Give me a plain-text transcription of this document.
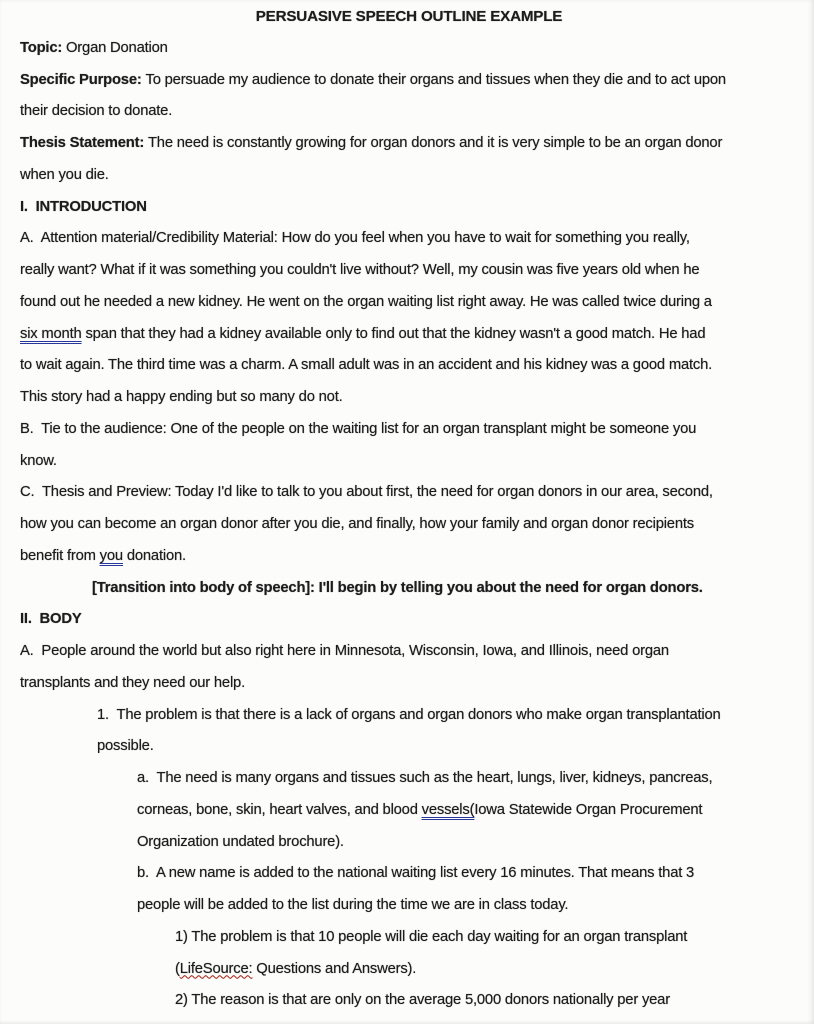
PERSUASIVE SPEECH OUTLINE EXAMPLE
Topic: Organ Donation
Specific Purpose: To persuade my audience to donate their organs and tissues when they die and to act upon
their decision to donate.
Thesis Statement: The need is constantly growing for organ donors and it is very simple to be an organ donor
when you die.
I.  INTRODUCTION
A.  Attention material/Credibility Material: How do you feel when you have to wait for something you really,
really want? What if it was something you couldn't live without? Well, my cousin was five years old when he
found out he needed a new kidney. He went on the organ waiting list right away. He was called twice during a
six month span that they had a kidney available only to find out that the kidney wasn't a good match. He had
to wait again. The third time was a charm. A small adult was in an accident and his kidney was a good match.
This story had a happy ending but so many do not.
B.  Tie to the audience: One of the people on the waiting list for an organ transplant might be someone you
know.
C.  Thesis and Preview: Today I'd like to talk to you about first, the need for organ donors in our area, second,
how you can become an organ donor after you die, and finally, how your family and organ donor recipients
benefit from you donation.
[Transition into body of speech]: I'll begin by telling you about the need for organ donors.
II.  BODY
A.  People around the world but also right here in Minnesota, Wisconsin, Iowa, and Illinois, need organ
transplants and they need our help.
1.  The problem is that there is a lack of organs and organ donors who make organ transplantation
possible.
a.  The need is many organs and tissues such as the heart, lungs, liver, kidneys, pancreas,
corneas, bone, skin, heart valves, and blood vessels(Iowa Statewide Organ Procurement
Organization undated brochure).
b.  A new name is added to the national waiting list every 16 minutes. That means that 3
people will be added to the list during the time we are in class today.
1) The problem is that 10 people will die each day waiting for an organ transplant
(LifeSource: Questions and Answers).
2) The reason is that are only on the average 5,000 donors nationally per year
